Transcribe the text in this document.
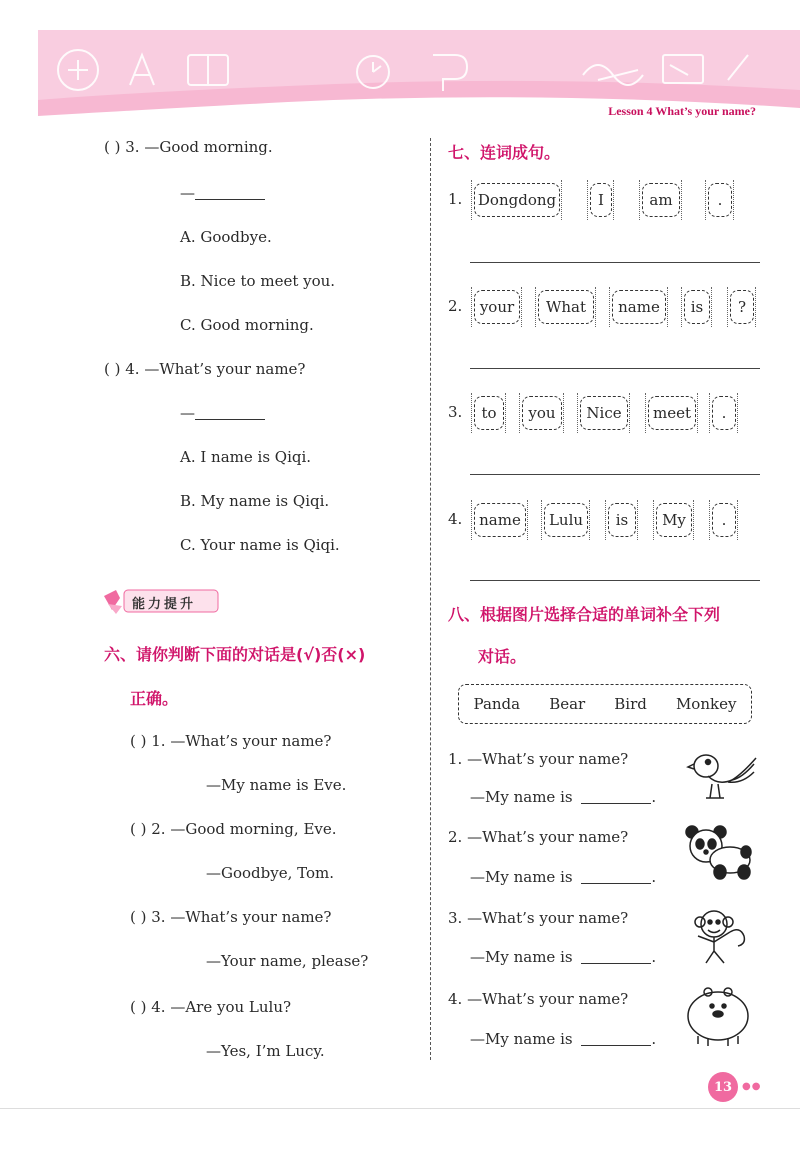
Lesson 4 What’s your name?
( ) 3. —Good morning.
—
A. Goodbye.
B. Nice to meet you.
C. Good morning.
( ) 4. —What’s your name?
—
A. I name is Qiqi.
B. My name is Qiqi.
C. Your name is Qiqi.
能力提升
六、请你判断下面的对话是(√)否(×)
正确。
( ) 1. —What’s your name?
—My name is Eve.
( ) 2. —Good morning, Eve.
—Goodbye, Tom.
( ) 3. —What’s your name?
—Your name, please?
( ) 4. —Are you Lulu?
—Yes, I’m Lucy.
七、连词成句。
1. Dongdong	I	am	.
2.	your	What	name	is	?
3.	to	you	Nice	meet	.
4.	name	Lulu	is	My	.
八、根据图片选择合适的单词补全下列
对话。
Panda Bear Bird Monkey
1. —What’s your name?
—My name is	.
2. —What’s your name?
—My name is	.
3. —What’s your name?
—My name is	.
4. —What’s your name?
—My name is	.
13 ●●
